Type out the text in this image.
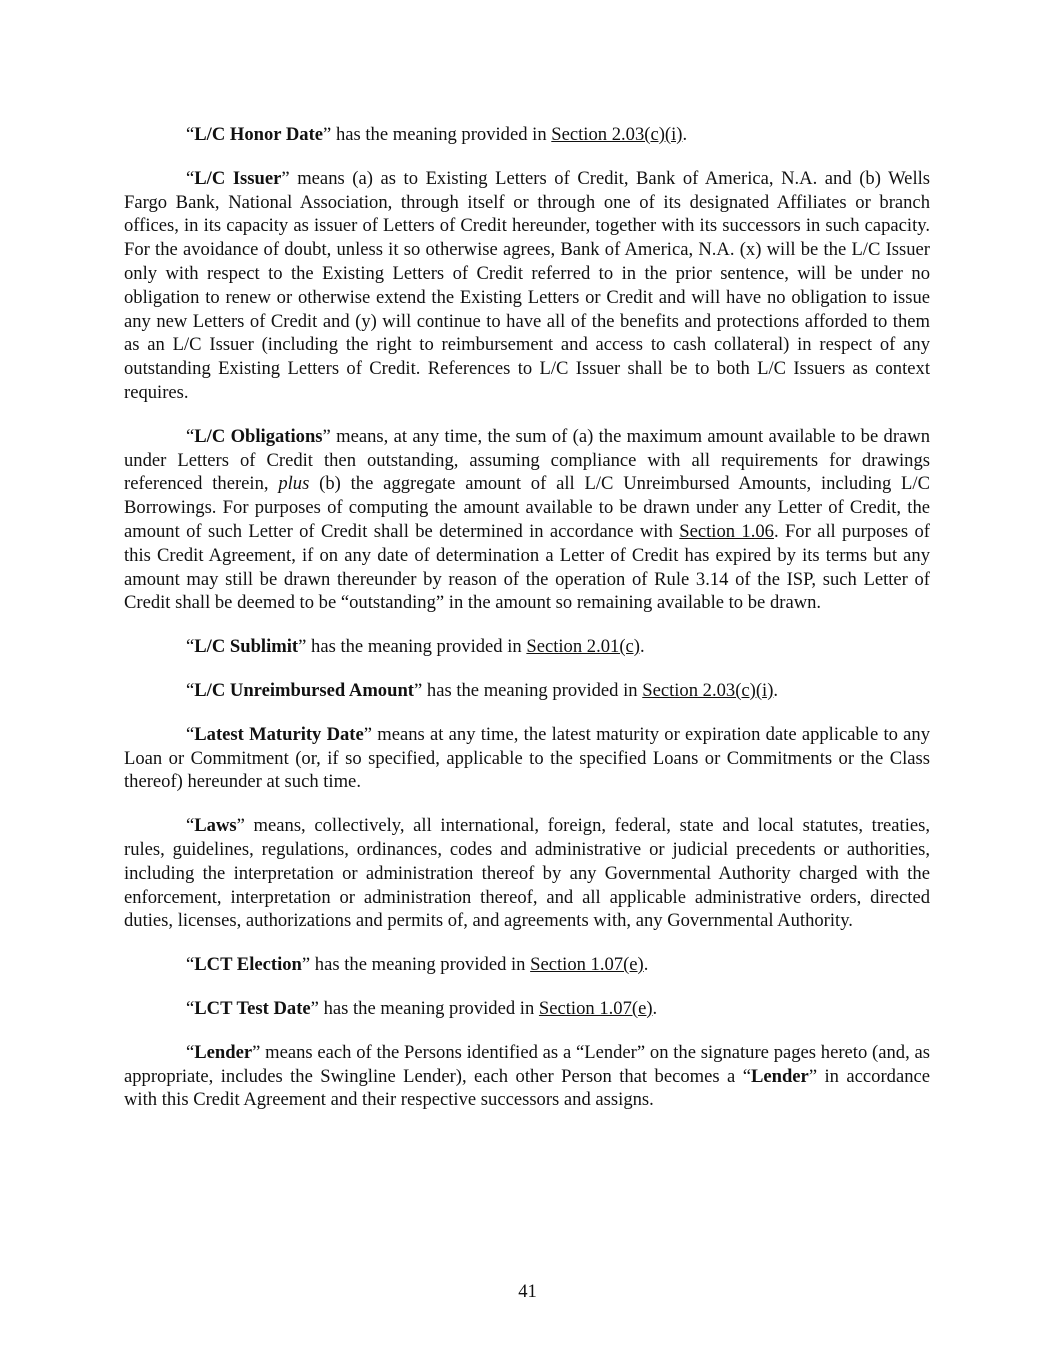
“L/C Honor Date” has the meaning provided in Section 2.03(c)(i).

“L/C Issuer” means (a) as to Existing Letters of Credit, Bank of America, N.A. and (b) Wells Fargo Bank, National Association, through itself or through one of its designated Affiliates or branch offices, in its capacity as issuer of Letters of Credit hereunder, together with its successors in such capacity. For the avoidance of doubt, unless it so otherwise agrees, Bank of America, N.A. (x) will be the L/C Issuer only with respect to the Existing Letters of Credit referred to in the prior sentence, will be under no obligation to renew or otherwise extend the Existing Letters or Credit and will have no obligation to issue any new Letters of Credit and (y) will continue to have all of the benefits and protections afforded to them as an L/C Issuer (including the right to reimbursement and access to cash collateral) in respect of any outstanding Existing Letters of Credit. References to L/C Issuer shall be to both L/C Issuers as context requires.

“L/C Obligations” means, at any time, the sum of (a) the maximum amount available to be drawn under Letters of Credit then outstanding, assuming compliance with all requirements for drawings referenced therein, plus (b) the aggregate amount of all L/C Unreimbursed Amounts, including L/C Borrowings. For purposes of computing the amount available to be drawn under any Letter of Credit, the amount of such Letter of Credit shall be determined in accordance with Section 1.06. For all purposes of this Credit Agreement, if on any date of determination a Letter of Credit has expired by its terms but any amount may still be drawn thereunder by reason of the operation of Rule 3.14 of the ISP, such Letter of Credit shall be deemed to be “outstanding” in the amount so remaining available to be drawn.

“L/C Sublimit” has the meaning provided in Section 2.01(c).

“L/C Unreimbursed Amount” has the meaning provided in Section 2.03(c)(i).

“Latest Maturity Date” means at any time, the latest maturity or expiration date applicable to any Loan or Commitment (or, if so specified, applicable to the specified Loans or Commitments or the Class thereof) hereunder at such time.

“Laws” means, collectively, all international, foreign, federal, state and local statutes, treaties, rules, guidelines, regulations, ordinances, codes and administrative or judicial precedents or authorities, including the interpretation or administration thereof by any Governmental Authority charged with the enforcement, interpretation or administration thereof, and all applicable administrative orders, directed duties, licenses, authorizations and permits of, and agreements with, any Governmental Authority.

“LCT Election” has the meaning provided in Section 1.07(e).

“LCT Test Date” has the meaning provided in Section 1.07(e).

“Lender” means each of the Persons identified as a “Lender” on the signature pages hereto (and, as appropriate, includes the Swingline Lender), each other Person that becomes a “Lender” in accordance with this Credit Agreement and their respective successors and assigns.

41
